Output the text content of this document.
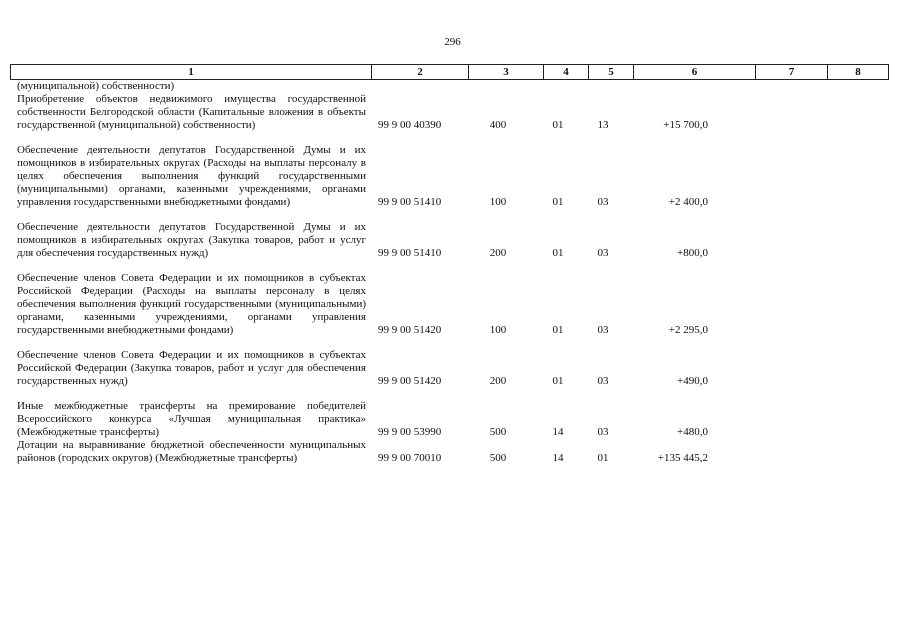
296
1	2	3	4	5	6	7	8
(муниципальной) собственности)
Приобретение объектов недвижимого имущества государственной собственности Белгородской области (Капитальные вложения в объекты государственной (муниципальной) собственности)	99 9 00 40390	400	01	13	+15 700,0
Обеспечение деятельности депутатов Государственной Думы и их помощников в избирательных округах (Расходы на выплаты персоналу в целях обеспечения выполнения функций государственными (муниципальными) органами, казенными учреждениями, органами управления государственными внебюджетными фондами)	99 9 00 51410	100	01	03	+2 400,0
Обеспечение деятельности депутатов Государственной Думы и их помощников в избирательных округах (Закупка товаров, работ и услуг для обеспечения государственных нужд)	99 9 00 51410	200	01	03	+800,0
Обеспечение членов Совета Федерации и их помощников в субъектах Российской Федерации (Расходы на выплаты персоналу в целях обеспечения выполнения функций государственными (муниципальными) органами, казенными учреждениями, органами управления государственными внебюджетными фондами)	99 9 00 51420	100	01	03	+2 295,0
Обеспечение членов Совета Федерации и их помощников в субъектах Российской Федерации (Закупка товаров, работ и услуг для обеспечения государственных нужд)	99 9 00 51420	200	01	03	+490,0
Иные межбюджетные трансферты на премирование победителей Всероссийского конкурса «Лучшая муниципальная практика» (Межбюджетные трансферты)	99 9 00 53990	500	14	03	+480,0
Дотации на выравнивание бюджетной обеспеченности муниципальных районов (городских округов) (Межбюджетные трансферты)	99 9 00 70010	500	14	01	+135 445,2
